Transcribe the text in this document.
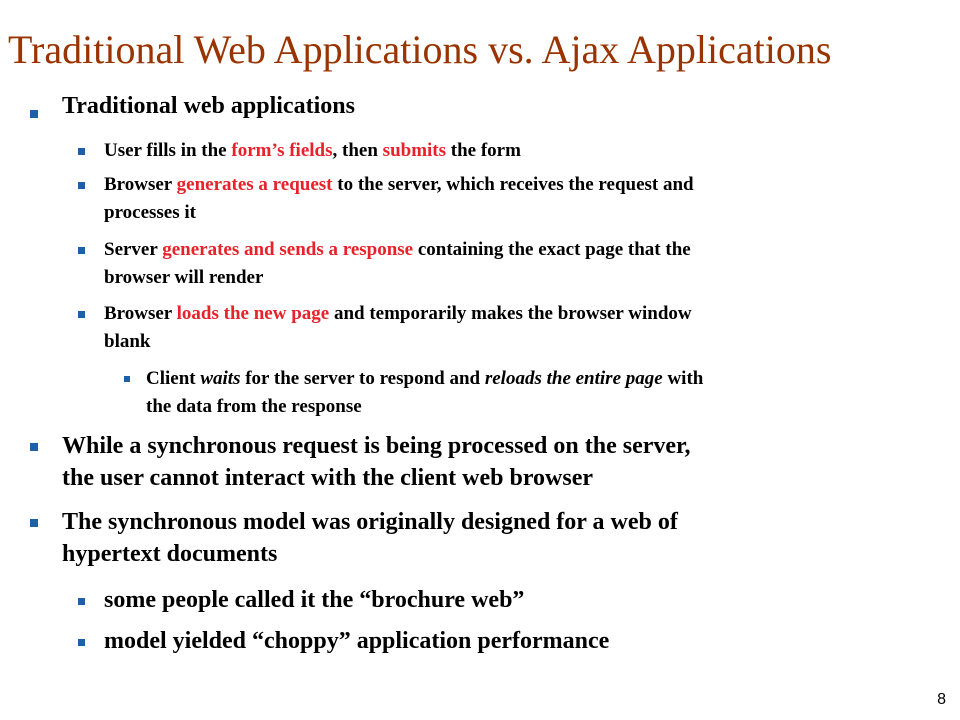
Traditional Web Applications vs. Ajax Applications

Traditional web applications

User fills in the form’s fields, then submits the form

Browser generates a request to the server, which receives the request and
processes it

Server generates and sends a response containing the exact page that the
browser will render

Browser loads the new page and temporarily makes the browser window
blank

Client waits for the server to respond and reloads the entire page with
the data from the response

While a synchronous request is being processed on the server,
the user cannot interact with the client web browser

The synchronous model was originally designed for a web of
hypertext documents

some people called it the “brochure web”

model yielded “choppy” application performance

8
